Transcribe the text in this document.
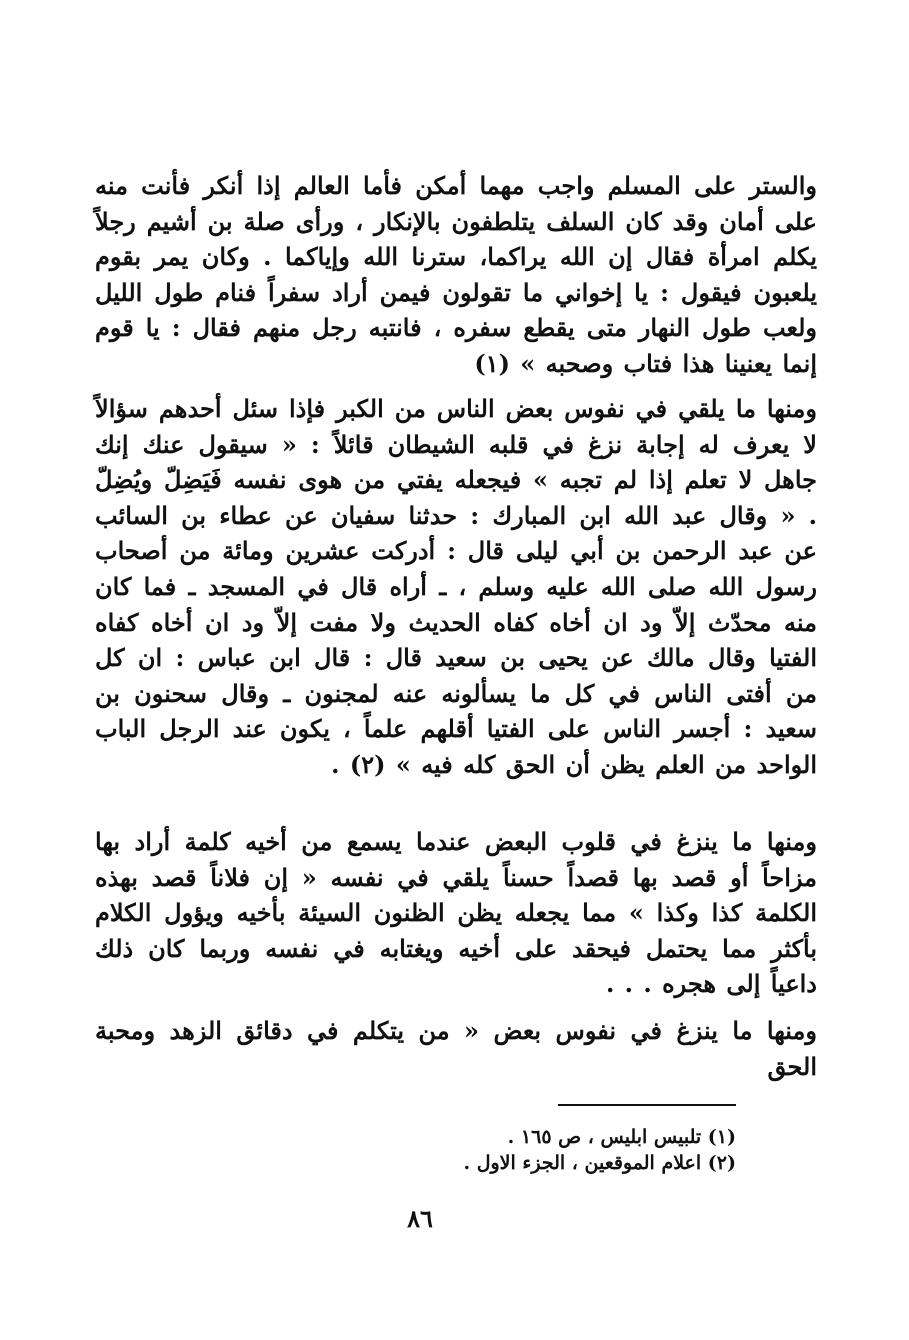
والستر على المسلم واجب مهما أمكن فأما العالم إذا أنكر فأنت منه على أمان وقد كان السلف يتلطفون بالإنكار ، ورأى صلة بن أشيم رجلاً يكلم امرأة فقال إن الله يراكما، سترنا الله وإياكما . وكان يمر بقوم يلعبون فيقول : يا إخواني ما تقولون فيمن أراد سفراً فنام طول الليل ولعب طول النهار متى يقطع سفره ، فانتبه رجل منهم فقال : يا قوم إنما يعنينا هذا فتاب وصحبه » (١)

ومنها ما يلقي في نفوس بعض الناس من الكبر فإذا سئل أحدهم سؤالاً لا يعرف له إجابة نزغ في قلبه الشيطان قائلاً : « سيقول عنك إنك جاهل لا تعلم إذا لم تجبه » فيجعله يفتي من هوى نفسه فَيَضِلّ ويُضِلّ . « وقال عبد الله ابن المبارك : حدثنا سفيان عن عطاء بن السائب عن عبد الرحمن بن أبي ليلى قال : أدركت عشرين ومائة من أصحاب رسول الله صلى الله عليه وسلم ، ـ أراه قال في المسجد ـ فما كان منه محدّث إلاّ ود ان أخاه كفاه الحديث ولا مفت إلاّ ود ان أخاه كفاه الفتيا وقال مالك عن يحيى بن سعيد قال : قال ابن عباس : ان كل من أفتى الناس في كل ما يسألونه عنه لمجنون ـ وقال سحنون بن سعيد : أجسر الناس على الفتيا أقلهم علماً ، يكون عند الرجل الباب الواحد من العلم يظن أن الحق كله فيه » (٢) .

ومنها ما ينزغ في قلوب البعض عندما يسمع من أخيه كلمة أراد بها مزاحاً أو قصد بها قصداً حسناً يلقي في نفسه « إن فلاناً قصد بهذه الكلمة كذا وكذا » مما يجعله يظن الظنون السيئة بأخيه ويؤول الكلام بأكثر مما يحتمل فيحقد على أخيه ويغتابه في نفسه وربما كان ذلك داعياً إلى هجره . . .

ومنها ما ينزغ في نفوس بعض « من يتكلم في دقائق الزهد ومحبة الحق

(١) تلبيس ابليس ، ص ١٦٥ .

(٢) اعلام الموقعين ، الجزء الاول .

٨٦
